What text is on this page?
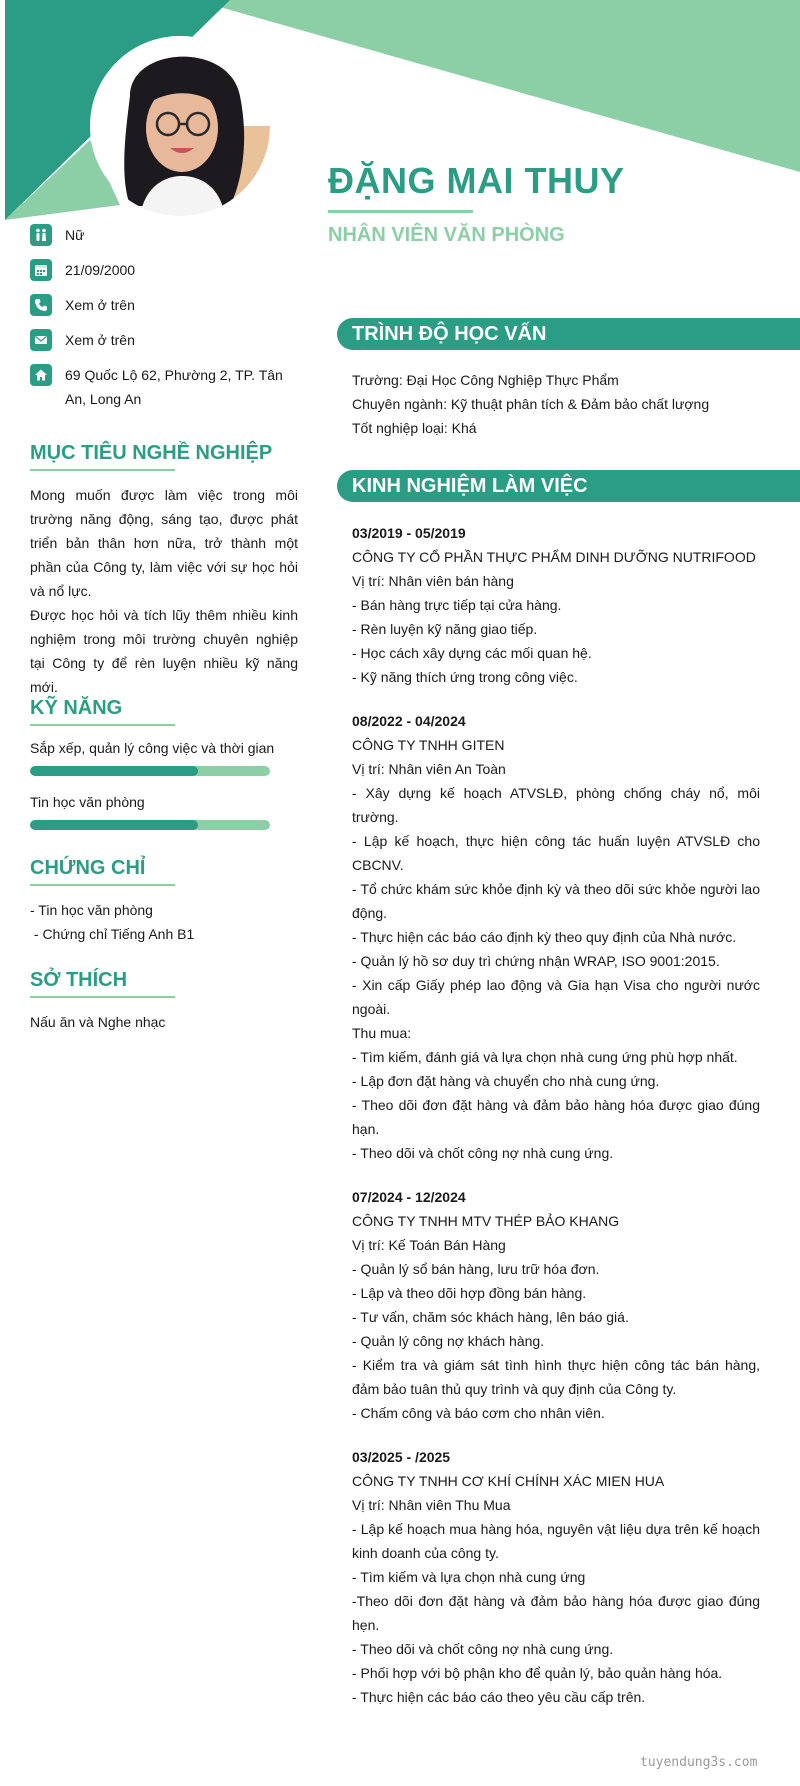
ĐẶNG MAI THUY
NHÂN VIÊN VĂN PHÒNG
Nữ
21/09/2000
Xem ở trên
Xem ở trên
69 Quốc Lộ 62, Phường 2, TP. Tân An, Long An
MỤC TIÊU NGHỀ NGHIỆP

Mong muốn được làm việc trong môi trường năng động, sáng tạo, được phát triển bản thân hơn nữa, trở thành một phần của Công ty, làm việc với sự học hỏi và nổ lực.

Được học hỏi và tích lũy thêm nhiều kinh nghiệm trong môi trường chuyên nghiệp tại Công ty để rèn luyện nhiều kỹ năng mới.

KỸ NĂNG
Sắp xếp, quản lý công việc và thời gian
Tin học văn phòng
CHỨNG CHỈ
- Tin học văn phòng
- Chứng chỉ Tiếng Anh B1
SỞ THÍCH
Nấu ăn và Nghe nhạc
TRÌNH ĐỘ HỌC VẤN
Trường: Đại Học Công Nghiệp Thực Phẩm
Chuyên ngành: Kỹ thuật phân tích & Đảm bảo chất lượng
Tốt nghiệp loại: Khá
KINH NGHIỆM LÀM VIỆC
03/2019 - 05/2019
CÔNG TY CỔ PHẦN THỰC PHẨM DINH DƯỠNG NUTRIFOOD
Vị trí: Nhân viên bán hàng
- Bán hàng trực tiếp tại cửa hàng.
- Rèn luyện kỹ năng giao tiếp.
- Học cách xây dựng các mối quan hệ.
- Kỹ năng thích ứng trong công việc.
08/2022 - 04/2024
CÔNG TY TNHH GITEN
Vị trí: Nhân viên An Toàn
- Xây dựng kế hoạch ATVSLĐ, phòng chống cháy nổ, môi trường.
- Lập kế hoạch, thực hiện công tác huấn luyện ATVSLĐ cho CBCNV.
- Tổ chức khám sức khỏe định kỳ và theo dõi sức khỏe người lao động.
- Thực hiện các báo cáo định kỳ theo quy định của Nhà nước.
- Quản lý hồ sơ duy trì chứng nhận WRAP, ISO 9001:2015.
- Xin cấp Giấy phép lao động và Gia hạn Visa cho người nước ngoài.
Thu mua:
- Tìm kiếm, đánh giá và lựa chọn nhà cung ứng phù hợp nhất.
- Lập đơn đặt hàng và chuyển cho nhà cung ứng.
- Theo dõi đơn đặt hàng và đảm bảo hàng hóa được giao đúng hạn.
- Theo dõi và chốt công nợ nhà cung ứng.
07/2024 - 12/2024
CÔNG TY TNHH MTV THÉP BẢO KHANG
Vị trí: Kế Toán Bán Hàng
- Quản lý sổ bán hàng, lưu trữ hóa đơn.
- Lập và theo dõi hợp đồng bán hàng.
- Tư vấn, chăm sóc khách hàng, lên báo giá.
- Quản lý công nợ khách hàng.
- Kiểm tra và giám sát tình hình thực hiện công tác bán hàng, đảm bảo tuân thủ quy trình và quy định của Công ty.
- Chấm công và báo cơm cho nhân viên.
03/2025 - /2025
CÔNG TY TNHH CƠ KHÍ CHÍNH XÁC MIEN HUA
Vị trí: Nhân viên Thu Mua
- Lập kế hoạch mua hàng hóa, nguyên vật liệu dựa trên kế hoạch kinh doanh của công ty.
- Tìm kiếm và lựa chọn nhà cung ứng
-Theo dõi đơn đặt hàng và đảm bảo hàng hóa được giao đúng hẹn.
- Theo dõi và chốt công nợ nhà cung ứng.
- Phối hợp với bộ phận kho để quản lý, bảo quản hàng hóa.
- Thực hiện các báo cáo theo yêu cầu cấp trên.
tuyendung3s.com
